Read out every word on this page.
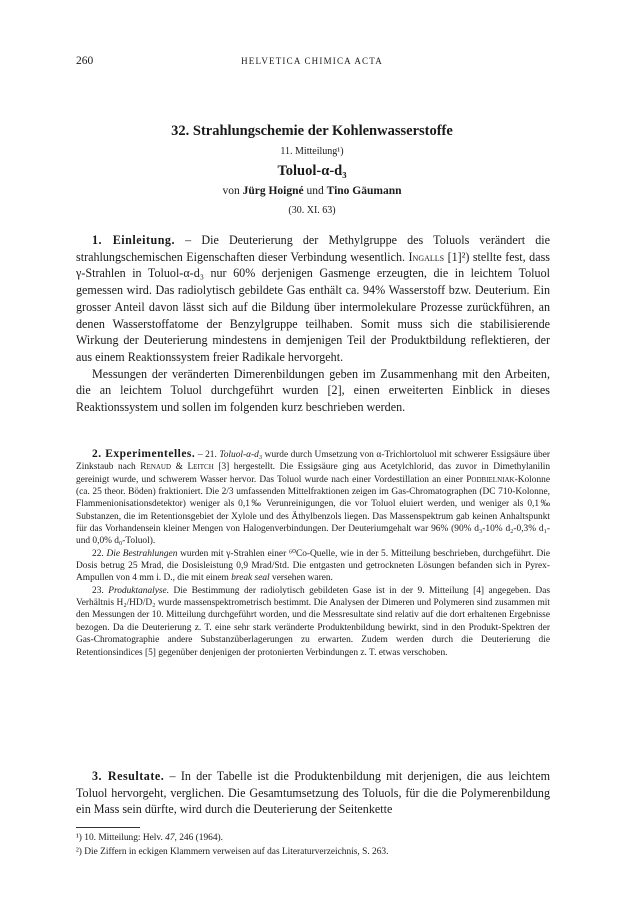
260	HELVETICA CHIMICA ACTA
32. Strahlungschemie der Kohlenwasserstoffe
11. Mitteilung¹)
Toluol-α-d₃
von Jürg Hoigné und Tino Gäumann
(30. XI. 63)

1. Einleitung. – Die Deuterierung der Methylgruppe des Toluols verändert die strahlungschemischen Eigenschaften dieser Verbindung wesentlich. Ingalls [1]²) stellte fest, dass γ-Strahlen in Toluol-α-d₃ nur 60% derjenigen Gasmenge erzeugten, die in leichtem Toluol gemessen wird. Das radiolytisch gebildete Gas enthält ca. 94% Wasserstoff bzw. Deuterium. Ein grosser Anteil davon lässt sich auf die Bildung über intermolekulare Prozesse zurückführen, an denen Wasserstoffatome der Benzylgruppe teilhaben. Somit muss sich die stabilisierende Wirkung der Deuterierung mindestens in demjenigen Teil der Produktbildung reflektieren, der aus einem Reaktionssystem freier Radikale hervorgeht.

Messungen der veränderten Dimerenbildungen geben im Zusammenhang mit den Arbeiten, die an leichtem Toluol durchgeführt wurden [2], einen erweiterten Einblick in dieses Reaktionssystem und sollen im folgenden kurz beschrieben werden.

2. Experimentelles. – 21. Toluol-α-d₃ wurde durch Umsetzung von α-Trichlortoluol mit schwerer Essigsäure über Zinkstaub nach Renaud & Leitch [3] hergestellt. Die Essigsäure ging aus Acetylchlorid, das zuvor in Dimethylanilin gereinigt wurde, und schwerem Wasser hervor. Das Toluol wurde nach einer Vordestillation an einer Podbielniak-Kolonne (ca. 25 theor. Böden) fraktioniert. Die 2/3 umfassenden Mittelfraktionen zeigen im Gas-Chromatographen (DC 710-Kolonne, Flammenionisationsdetektor) weniger als 0,1‰ Verunreinigungen, die vor Toluol eluiert werden, und weniger als 0,1‰ Substanzen, die im Retentionsgebiet der Xylole und des Äthylbenzols liegen. Das Massenspektrum gab keinen Anhaltspunkt für das Vorhandensein kleiner Mengen von Halogenverbindungen. Der Deuteriumgehalt war 96% (90% d₃-10% d₂-0,3% d₁-und 0,0% d₀-Toluol).

22. Die Bestrahlungen wurden mit γ-Strahlen einer ⁶⁰Co-Quelle, wie in der 5. Mitteilung beschrieben, durchgeführt. Die Dosis betrug 25 Mrad, die Dosisleistung 0,9 Mrad/Std. Die entgasten und getrockneten Lösungen befanden sich in Pyrex-Ampullen von 4 mm i. D., die mit einem break seal versehen waren.

23. Produktanalyse. Die Bestimmung der radiolytisch gebildeten Gase ist in der 9. Mitteilung [4] angegeben. Das Verhältnis H₂/HD/D₂ wurde massenspektrometrisch bestimmt. Die Analysen der Dimeren und Polymeren sind zusammen mit den Messungen der 10. Mitteilung durchgeführt worden, und die Messresultate sind relativ auf die dort erhaltenen Ergebnisse bezogen. Da die Deuterierung z. T. eine sehr stark veränderte Produktenbildung bewirkt, sind in den Produkt-Spektren der Gas-Chromatographie andere Substanzüberlagerungen zu erwarten. Zudem werden durch die Deuterierung die Retentionsindices [5] gegenüber denjenigen der protonierten Verbindungen z. T. etwas verschoben.

3. Resultate. – In der Tabelle ist die Produktenbildung mit derjenigen, die aus leichtem Toluol hervorgeht, verglichen. Die Gesamtumsetzung des Toluols, für die die Polymerenbildung ein Mass sein dürfte, wird durch die Deuterierung der Seitenkette

¹) 10. Mitteilung: Helv. 47, 246 (1964).

²) Die Ziffern in eckigen Klammern verweisen auf das Literaturverzeichnis, S. 263.
